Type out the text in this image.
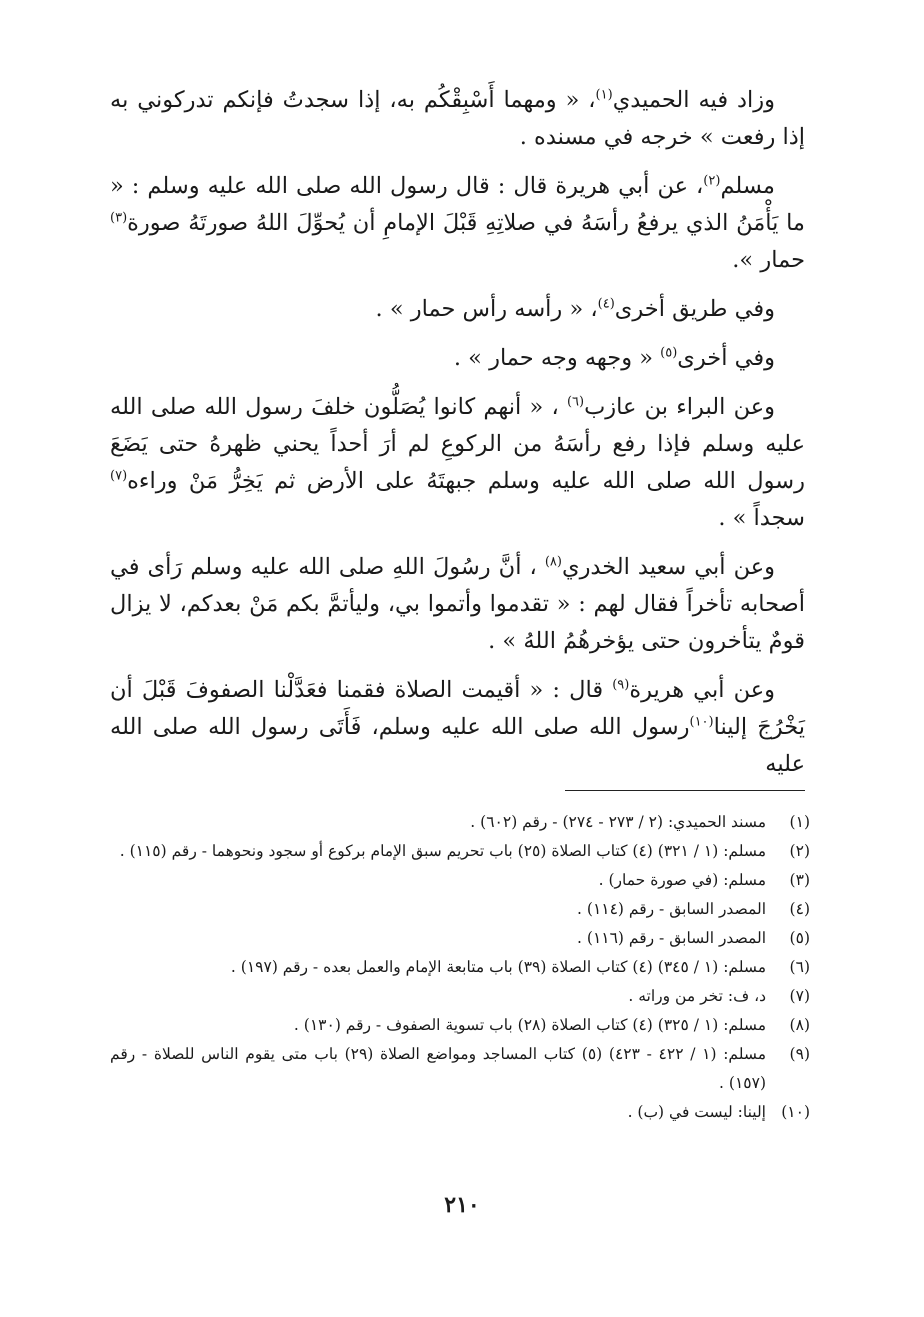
وزاد فيه الحميدي$^{(١)}$، « ومهما أَسْبِقْكُم به، إذا سجدتُ فإنكم تدركوني به إذا رفعت » خرجه في مسنده .

مسلم$^{(٢)}$، عن أبي هريرة قال : قال رسول الله صلى الله عليه وسلم : « ما يَأْمَنُ الذي يرفعُ رأسَهُ في صلاتِهِ قَبْلَ الإمامِ أن يُحوِّلَ اللهُ صورتَهُ صورة$^{(٣)}$ حمار ».

وفي طريق أخرى$^{(٤)}$، « رأسه رأس حمار » .

وفي أخرى$^{(٥)}$ « وجهه وجه حمار » .

وعن البراء بن عازب$^{(٦)}$ ، « أنهم كانوا يُصَلُّون خلفَ رسول الله صلى الله عليه وسلم فإذا رفع رأسَهُ من الركوعِ لم أرَ أحداً يحني ظهرهُ حتى يَضَعَ رسول الله صلى الله عليه وسلم جبهتَهُ على الأرض ثم يَخِرُّ مَنْ وراءه$^{(٧)}$ سجداً » .

وعن أبي سعيد الخدري$^{(٨)}$ ، أنَّ رسُولَ اللهِ صلى الله عليه وسلم رَأى في أصحابه تأخراً فقال لهم : « تقدموا وأتموا بي، وليأتمَّ بكم مَنْ بعدكم، لا يزال قومٌ يتأخرون حتى يؤخرهُمُ اللهُ » .

وعن أبي هريرة$^{(٩)}$ قال : « أقيمت الصلاة فقمنا فعَدَّلْنا الصفوفَ قَبْلَ أن يَخْرُجَ إلينا$^{(١٠)}$رسول الله صلى الله عليه وسلم، فَأَتَى رسول الله صلى الله عليه

(١)
مسند الحميدي: (٢ / ٢٧٣ - ٢٧٤) - رقم (٦٠٢) .
(٢)
مسلم: (١ / ٣٢١) (٤) كتاب الصلاة (٢٥) باب تحريم سبق الإمام بركوع أو سجود ونحوهما - رقم (١١٥) .
(٣)
مسلم: (في صورة حمار) .
(٤)
المصدر السابق - رقم (١١٤) .
(٥)
المصدر السابق - رقم (١١٦) .
(٦)
مسلم: (١ / ٣٤٥) (٤) كتاب الصلاة (٣٩) باب متابعة الإمام والعمل بعده - رقم (١٩٧) .
(٧)
د، ف: تخر من وراته .
(٨)
مسلم: (١ / ٣٢٥) (٤) كتاب الصلاة (٢٨) باب تسوية الصفوف - رقم (١٣٠) .
(٩)
مسلم: (١ / ٤٢٢ - ٤٢٣) (٥) كتاب المساجد ومواضع الصلاة (٢٩) باب متى يقوم الناس للصلاة - رقم (١٥٧) .
(١٠)
إلينا: ليست في (ب) .
٢١٠
